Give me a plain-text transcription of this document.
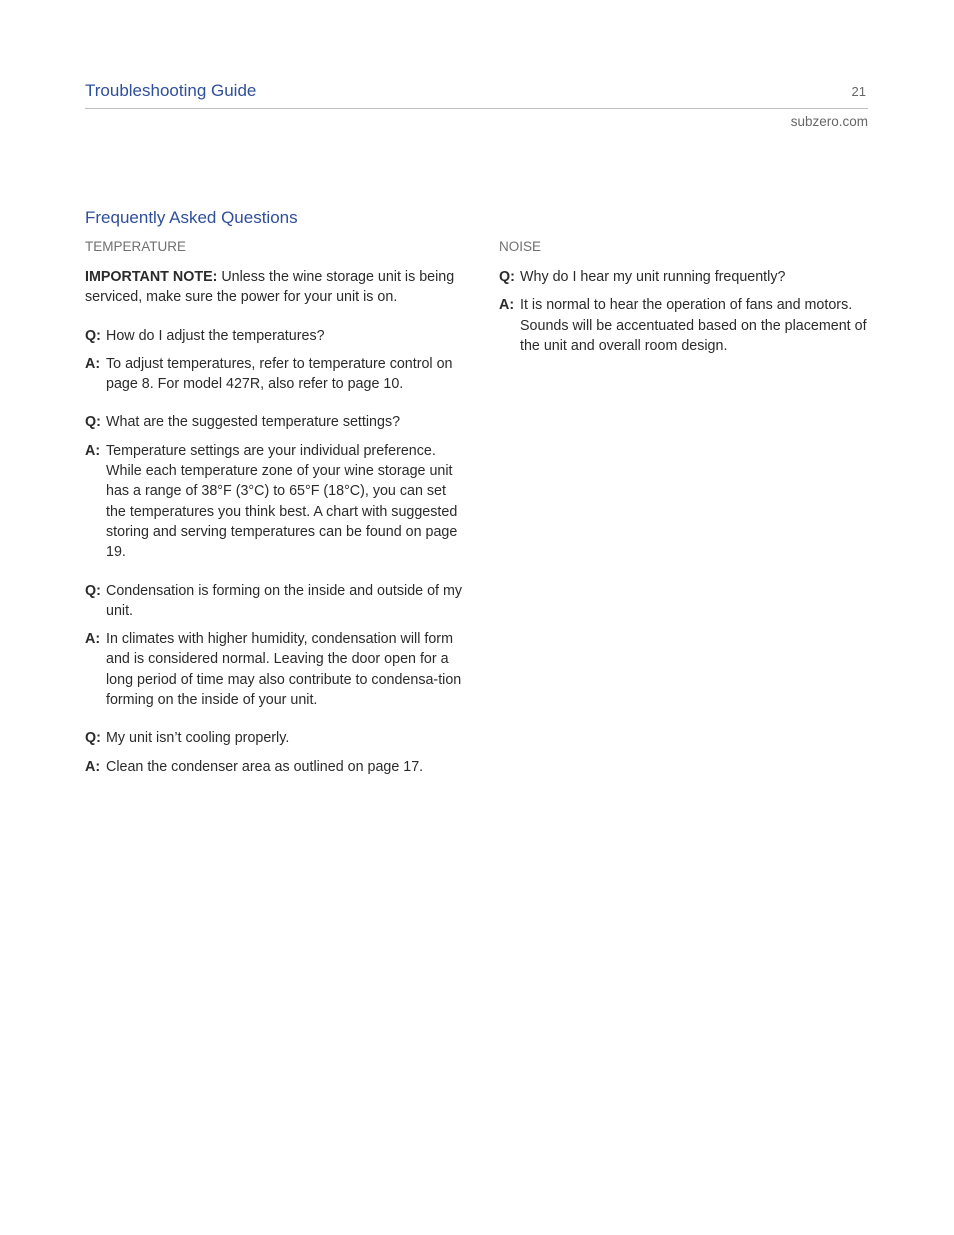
Troubleshooting Guide	21
subzero.com
Frequently Asked Questions
TEMPERATURE
IMPORTANT NOTE: Unless the wine storage unit is being serviced, make sure the power for your unit is on.
Q: How do I adjust the temperatures?
A: To adjust temperatures, refer to temperature control on page 8. For model 427R, also refer to page 10.
Q: What are the suggested temperature settings?
A: Temperature settings are your individual preference. While each temperature zone of your wine storage unit has a range of 38°F (3°C) to 65°F (18°C), you can set the temperatures you think best. A chart with suggested storing and serving temperatures can be found on page 19.
Q: Condensation is forming on the inside and outside of my unit.
A: In climates with higher humidity, condensation will form and is considered normal. Leaving the door open for a long period of time may also contribute to condensa-tion forming on the inside of your unit.
Q: My unit isn’t cooling properly.
A: Clean the condenser area as outlined on page 17.
NOISE
Q: Why do I hear my unit running frequently?
A: It is normal to hear the operation of fans and motors. Sounds will be accentuated based on the placement of the unit and overall room design.
